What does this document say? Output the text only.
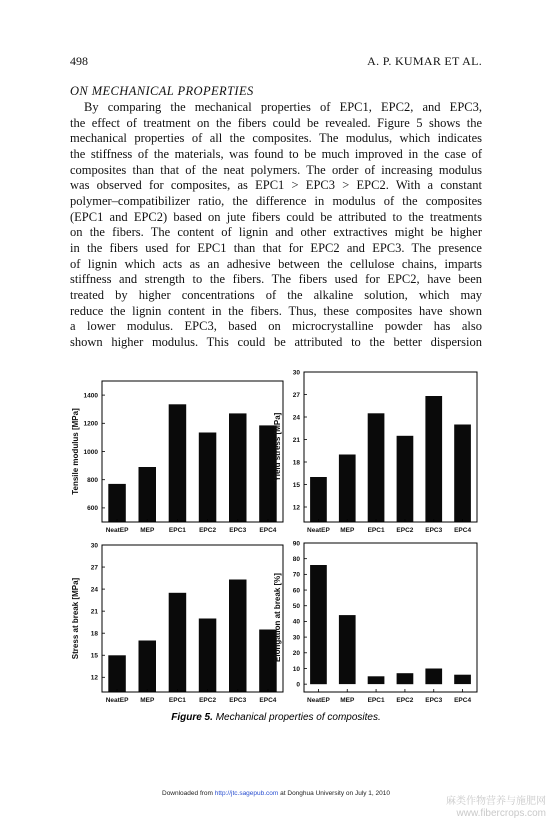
498	A. P. KUMAR ET AL.
ON MECHANICAL PROPERTIES
By comparing the mechanical properties of EPC1, EPC2, and EPC3,
the effect of treatment on the fibers could be revealed. Figure 5 shows the
mechanical properties of all the composites. The modulus, which indicates
the stiffness of the materials, was found to be much improved in the case of
composites than that of the neat polymers. The order of increasing modulus
was observed for composites, as EPC1 > EPC3 > EPC2. With a constant
polymer–compatibilizer ratio, the difference in modulus of the composites
(EPC1 and EPC2) based on jute fibers could be attributed to the treatments
on the fibers. The content of lignin and other extractives might be higher
in the fibers used for EPC1 than that for EPC2 and EPC3. The presence
of lignin which acts as an adhesive between the cellulose chains, imparts
stiffness and strength to the fibers. The fibers used for EPC2, have been
treated by higher concentrations of the alkaline solution, which may
reduce the lignin content in the fibers. Thus, these composites have shown
a lower modulus. EPC3, based on microcrystalline powder has also
shown higher modulus. This could be attributed to the better dispersion
600
800
1000
1200
1400
NeatEP MEP EPC1 EPC2 EPC3 EPC4
Tensile modulus [MPa]
12
15
18
21
24
27
30
NeatEP MEP EPC1 EPC2 EPC3 EPC4
Yield stress [MPa]
12
15
18
21
24
27
30
NeatEP MEP EPC1 EPC2 EPC3 EPC4
Stress at break [MPa]
0
10
20
30
40
50
60
70
80
90
NeatEP MEP EPC1 EPC2 EPC3 EPC4
Elongation at break [%]
Figure 5. Mechanical properties of composites.
Downloaded from http://jtc.sagepub.com at Donghua University on July 1, 2010
麻类作物营养与施肥网
www.fibercrops.com
